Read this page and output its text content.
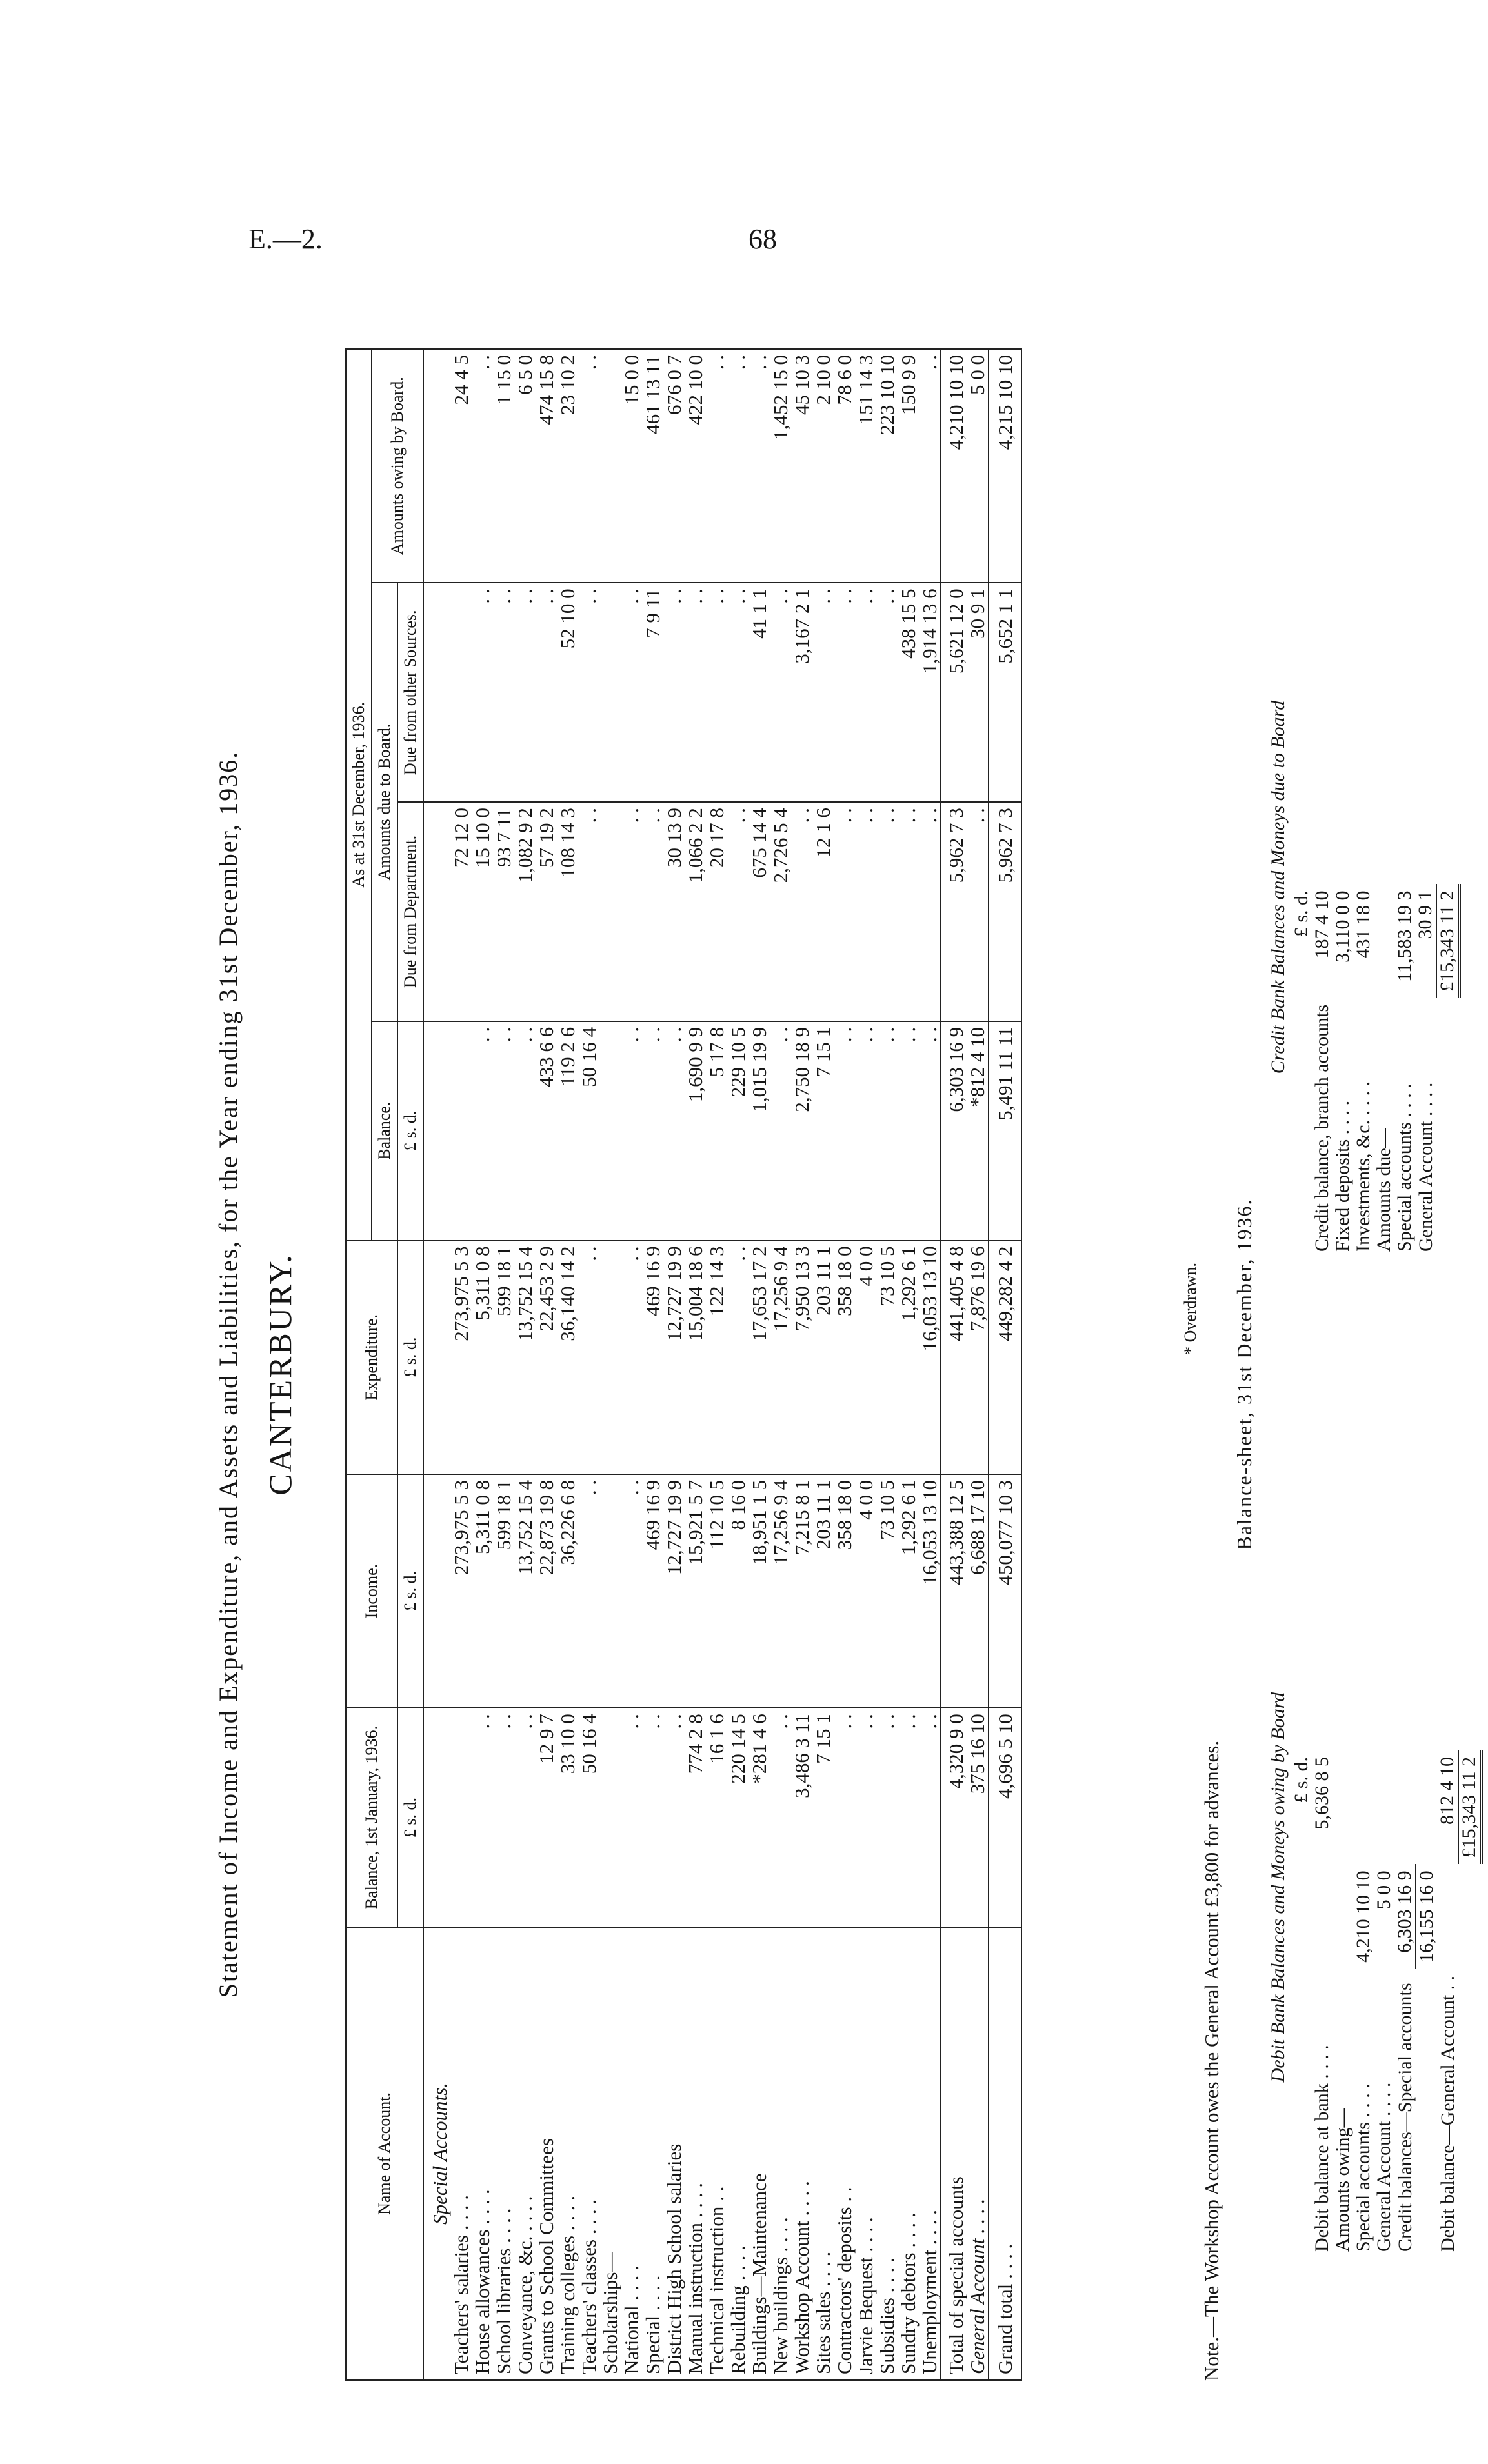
E.—2.	68
Statement of Income and Expenditure, and Assets and Liabilities, for the Year ending 31st December, 1936. CANTERBURY.
Name of Account.	Balance, 1st January, 1936.	Income.	Expenditure.	As at 31st December, 1936.			
				Balance.	Amounts due to Board.		Amounts owing by Board.
	£ s. d.	£ s. d.	£ s. d.	£ s. d.	Due from Department.	Due from other Sources.	
Special Accounts.							
Teachers' salaries . . . .		273,975 5 3	273,975 5 3		72 12 0		24 4 5
House allowances . . . .	. .	5,311 0 8	5,311 0 8	. .	15 10 0	. .	. .
School libraries . . . .	. .	599 18 1	599 18 1	. .	93 7 11	. .	1 15 0
Conveyance, &c. . . . .	. .	13,752 15 4	13,752 15 4	. .	1,082 9 2	. .	6 5 0
Grants to School Committees	12 9 7	22,873 19 8	22,453 2 9	433 6 6	57 19 2	. .	474 15 8
Training colleges . . . .	33 10 0	36,226 6 8	36,140 14 2	119 2 6	108 14 3	52 10 0	23 10 2
Teachers' classes . . . .	50 16 4	. .	. .	50 16 4	. .	. .	. .
Scholarships—							
National . . . .	. .	. .	. .	. .	. .	. .	15 0 0
Special . . . .	. .	469 16 9	469 16 9	. .	. .	7 9 11	461 13 11
District High School salaries	. .	12,727 19 9	12,727 19 9	. .	30 13 9	. .	676 0 7
Manual instruction . . . .	774 2 8	15,921 5 7	15,004 18 6	1,690 9 9	1,066 2 2	. .	422 10 0
Technical instruction . .	16 1 6	112 10 5	122 14 3	5 17 8	20 17 8	. .	. .
Rebuilding . . . .	220 14 5	8 16 0	. .	229 10 5	. .	. .	. .
Buildings—Maintenance	*281 4 6	18,951 1 5	17,653 17 2	1,015 19 9	675 14 4	41 1 1	. .
New buildings . . . .	. .	17,256 9 4	17,256 9 4	. .	2,726 5 4	. .	1,452 15 0
Workshop Account . . . .	3,486 3 11	7,215 8 1	7,950 13 3	2,750 18 9	. .	3,167 2 1	45 10 3
Sites sales . . . .	7 15 1	203 11 1	203 11 1	7 15 1	12 1 6	. .	2 10 0
Contractors' deposits . .	. .	358 18 0	358 18 0	. .	. .	. .	78 6 0
Jarvie Bequest . . . .	. .	4 0 0	4 0 0	. .	. .	. .	151 14 3
Subsidies . . . .	. .	73 10 5	73 10 5	. .	. .	. .	223 10 10
Sundry debtors . . . .	. .	1,292 6 1	1,292 6 1	. .	. .	438 15 5	150 9 9
Unemployment . . . .	. .	16,053 13 10	16,053 13 10	. .	. .	1,914 13 6	. .
Total of special accounts	4,320 9 0	443,388 12 5	441,405 4 8	6,303 16 9	5,962 7 3	5,621 12 0	4,210 10 10
General Account . . . .	375 16 10	6,688 17 10	7,876 19 6	*812 4 10	. .	30 9 1	5 0 0
Grand total . . . .	4,696 5 10	450,077 10 3	449,282 4 2	5,491 11 11	5,962 7 3	5,652 1 1	4,215 10 10
* Overdrawn.
Note.—The Workshop Account owes the General Account £3,800 for advances.
Balance-sheet, 31st December, 1936.
Debit Bank Balances and Moneys owing by Board
		£ s. d.
Debit balance at bank . . . .		5,636 8 5
Amounts owing—		
Special accounts . . . .	4,210 10 10	
General Account . . . .	5 0 0	
Credit balances—Special accounts	6,303 16 9	
	16,155 16 0	
Debit balance—General Account . .		812 4 10
		£15,343 11 2
Credit Bank Balances and Moneys due to Board
	£ s. d.
Credit balance, branch accounts	187 4 10
Fixed deposits . . . .	3,110 0 0
Investments, &c. . . . .	431 18 0
Amounts due—	
Special accounts . . . .	11,583 19 3
General Account . . . .	30 9 1
	£15,343 11 2
